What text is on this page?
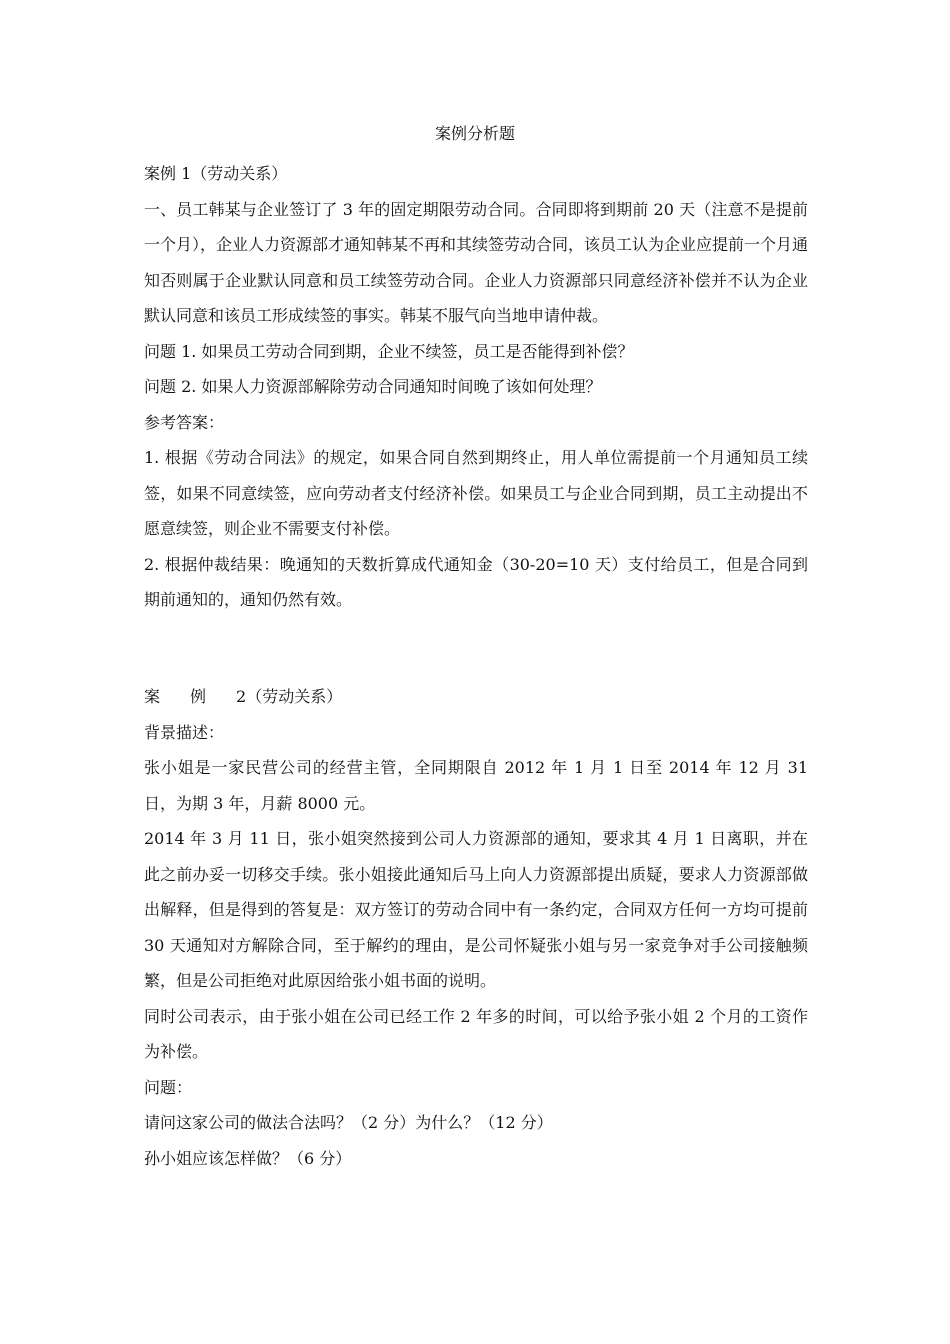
案例分析题

案例 1（劳动关系）

一、员工韩某与企业签订了 3 年的固定期限劳动合同。合同即将到期前 20 天（注意不是提前一个月），企业人力资源部才通知韩某不再和其续签劳动合同，该员工认为企业应提前一个月通知否则属于企业默认同意和员工续签劳动合同。企业人力资源部只同意经济补偿并不认为企业默认同意和该员工形成续签的事实。韩某不服气向当地申请仲裁。

问题 1. 如果员工劳动合同到期，企业不续签，员工是否能得到补偿？

问题 2. 如果人力资源部解除劳动合同通知时间晚了该如何处理？

参考答案：

1. 根据《劳动合同法》的规定，如果合同自然到期终止，用人单位需提前一个月通知员工续签，如果不同意续签，应向劳动者支付经济补偿。如果员工与企业合同到期，员工主动提出不愿意续签，则企业不需要支付补偿。

2. 根据仲裁结果：晚通知的天数折算成代通知金（30-20=10 天）支付给员工，但是合同到期前通知的，通知仍然有效。

案 例 2（劳动关系）

背景描述：

张小姐是一家民营公司的经营主管，全同期限自 2012 年 1 月 1 日至 2014 年 12 月 31 日，为期 3 年，月薪 8000 元。

2014 年 3 月 11 日，张小姐突然接到公司人力资源部的通知，要求其 4 月 1 日离职，并在此之前办妥一切移交手续。张小姐接此通知后马上向人力资源部提出质疑，要求人力资源部做出解释，但是得到的答复是：双方签订的劳动合同中有一条约定，合同双方任何一方均可提前 30 天通知对方解除合同，至于解约的理由，是公司怀疑张小姐与另一家竞争对手公司接触频繁，但是公司拒绝对此原因给张小姐书面的说明。

同时公司表示，由于张小姐在公司已经工作 2 年多的时间，可以给予张小姐 2 个月的工资作为补偿。

问题：

请问这家公司的做法合法吗？（2 分）为什么？（12 分）

孙小姐应该怎样做？（6 分）
